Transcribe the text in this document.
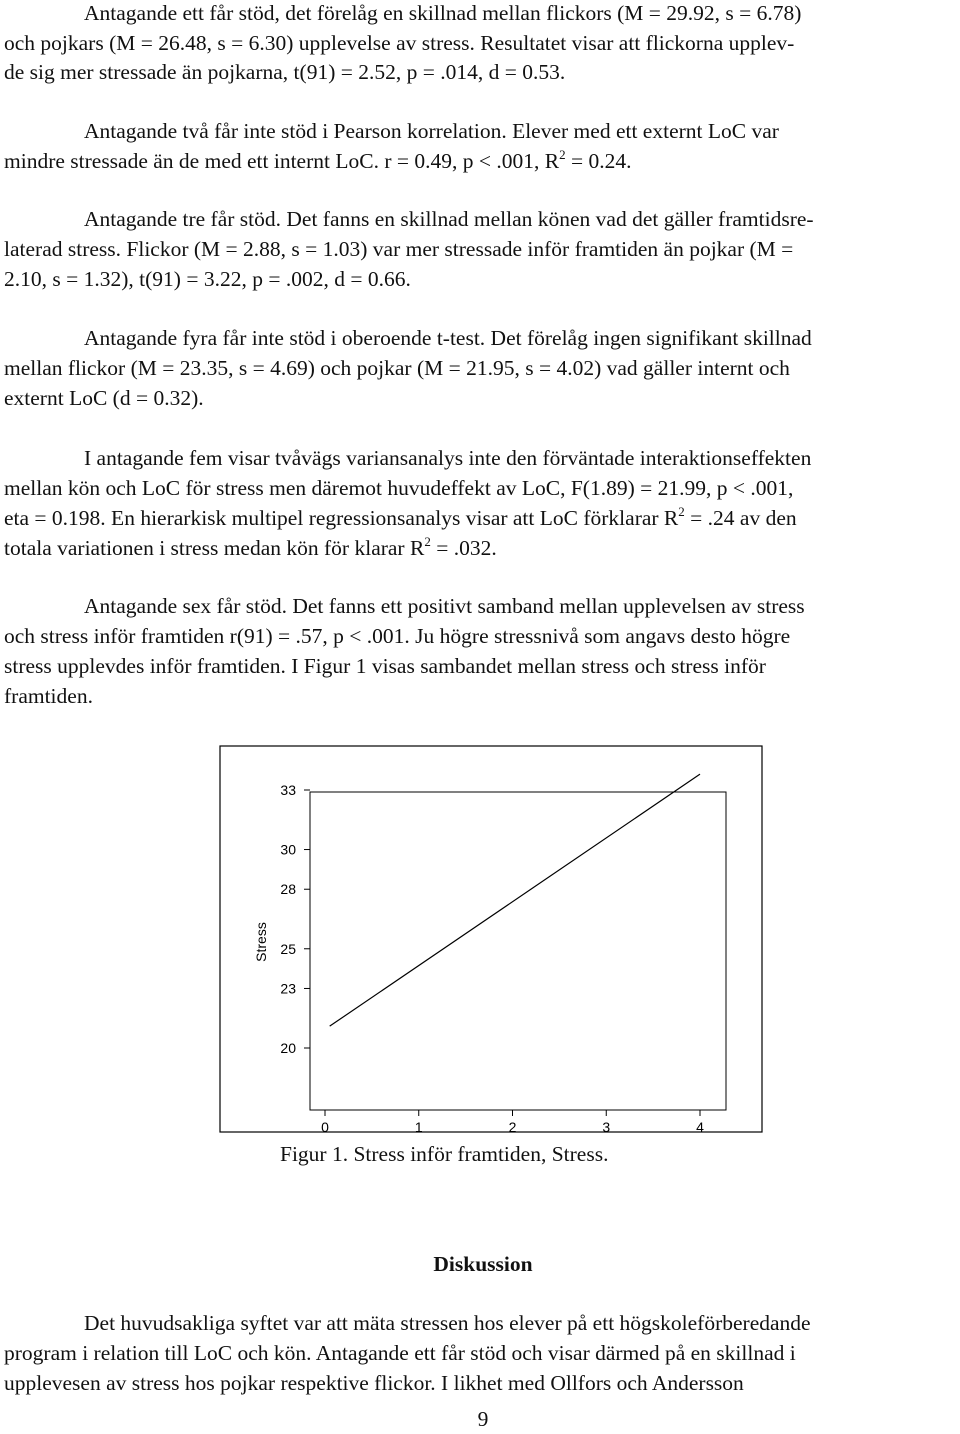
Antagande ett får stöd, det förelåg en skillnad mellan flickors (M = 29.92, s = 6.78)
och pojkars (M = 26.48, s = 6.30) upplevelse av stress. Resultatet visar att flickorna upplev-
de sig mer stressade än pojkarna, t(91) = 2.52, p = .014, d = 0.53.
Antagande två får inte stöd i Pearson korrelation. Elever med ett externt LoC var
mindre stressade än de med ett internt LoC. r = 0.49, p < .001, $R^2 = 0.24$.
Antagande tre får stöd. Det fanns en skillnad mellan könen vad det gäller framtidsre-
laterad stress. Flickor (M = 2.88, s = 1.03) var mer stressade inför framtiden än pojkar (M =
2.10, s = 1.32), t(91) = 3.22, p = .002, d = 0.66.
Antagande fyra får inte stöd i oberoende t-test. Det förelåg ingen signifikant skillnad
mellan flickor (M = 23.35, s = 4.69) och pojkar (M = 21.95, s = 4.02) vad gäller internt och
externt LoC (d = 0.32).
I antagande fem visar tvåvägs variansanalys inte den förväntade interaktionseffekten
mellan kön och LoC för stress men däremot huvudeffekt av LoC, F(1.89) = 21.99, p < .001,
eta = 0.198. En hierarkisk multipel regressionsanalys visar att LoC förklarar $R^2 = .24$ av den
totala variationen i stress medan kön för klarar $R^2 = .032$.
Antagande sex får stöd. Det fanns ett positivt samband mellan upplevelsen av stress
och stress inför framtiden r(91) = .57, p < .001. Ju högre stressnivå som angavs desto högre
stress upplevdes inför framtiden. I Figur 1 visas sambandet mellan stress och stress inför
framtiden.
0	1	2	3	4
20
23
25
28
30
33
Stress
Figur 1. Stress inför framtiden, Stress.
Diskussion
Det huvudsakliga syftet var att mäta stressen hos elever på ett högskoleförberedande
program i relation till LoC och kön. Antagande ett får stöd och visar därmed på en skillnad i
upplevesen av stress hos pojkar respektive flickor. I likhet med Ollfors och Andersson
9
